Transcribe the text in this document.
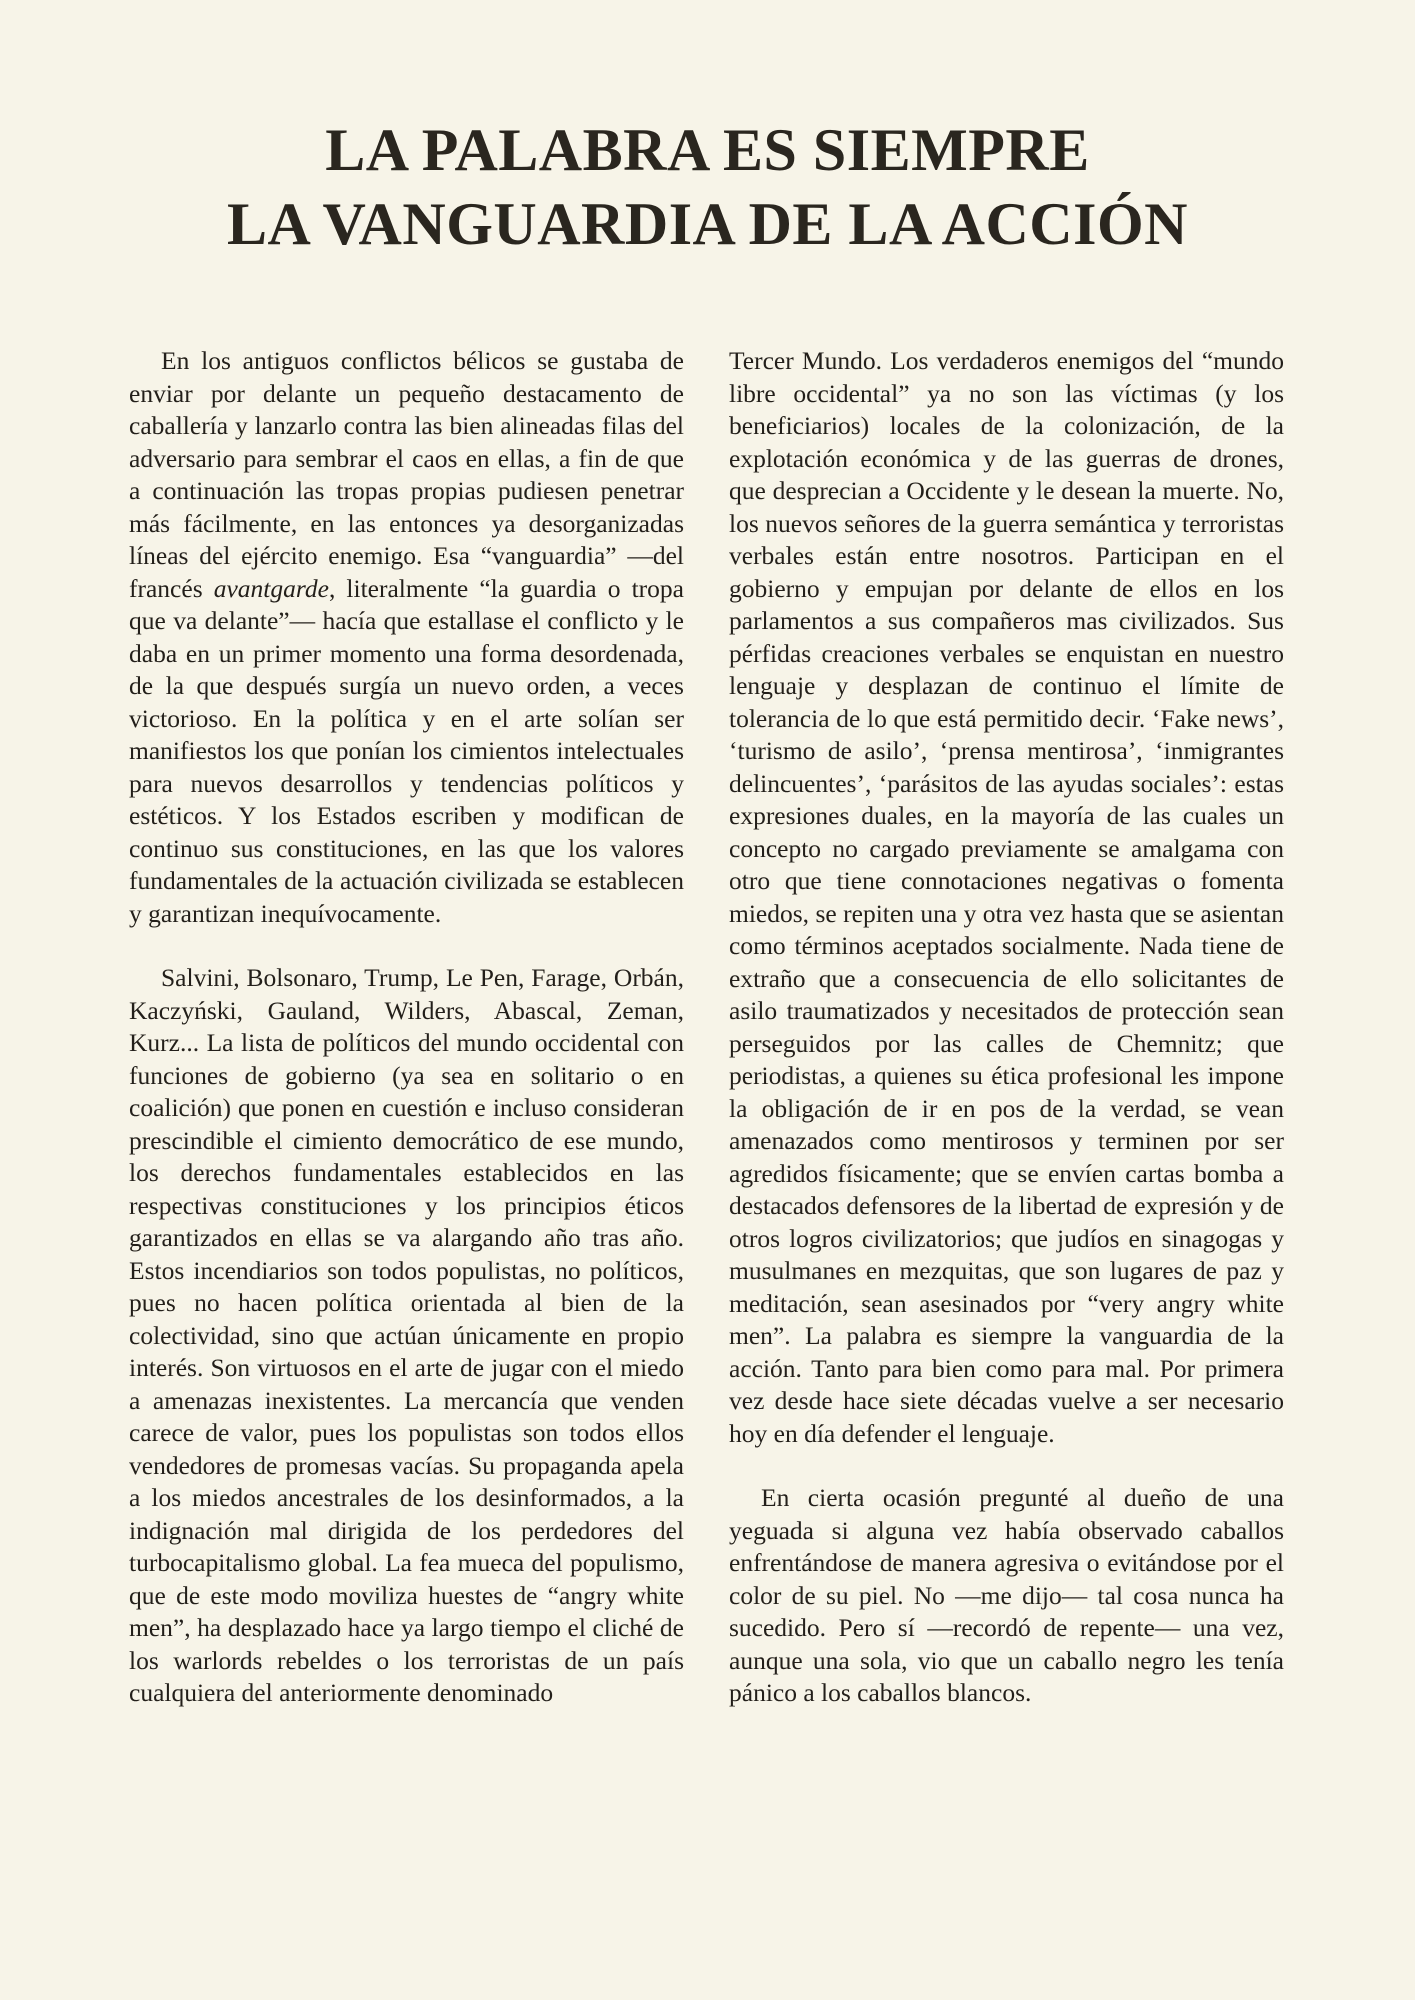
LA PALABRA ES SIEMPRE
LA VANGUARDIA DE LA ACCIÓN

En los antiguos conflictos bélicos se gustaba de enviar por delante un pequeño destacamento de caballería y lanzarlo contra las bien alineadas filas del adversario para sembrar el caos en ellas, a fin de que a continuación las tropas propias pudiesen penetrar más fácilmente, en las entonces ya desorganizadas líneas del ejército enemigo. Esa “vanguardia” —del francés avantgarde, literalmente “la guardia o tropa que va delante”— hacía que estallase el conflicto y le daba en un primer momento una forma desordenada, de la que después surgía un nuevo orden, a veces victorioso. En la política y en el arte solían ser manifiestos los que ponían los cimientos intelectuales para nuevos desarrollos y tendencias políticos y estéticos. Y los Estados escriben y modifican de continuo sus constituciones, en las que los valores fundamentales de la actuación civilizada se establecen y garantizan inequívocamente.

Salvini, Bolsonaro, Trump, Le Pen, Farage, Orbán, Kaczyński, Gauland, Wilders, Abascal, Zeman, Kurz... La lista de políticos del mundo occidental con funciones de gobierno (ya sea en solitario o en coalición) que ponen en cuestión e incluso consideran prescindible el cimiento democrático de ese mundo, los derechos fundamentales establecidos en las respectivas constituciones y los principios éticos garantizados en ellas se va alargando año tras año. Estos incendiarios son todos populistas, no políticos, pues no hacen política orientada al bien de la colectividad, sino que actúan únicamente en propio interés. Son virtuosos en el arte de jugar con el miedo a amenazas inexistentes. La mercancía que venden carece de valor, pues los populistas son todos ellos vendedores de promesas vacías. Su propaganda apela a los miedos ancestrales de los desinformados, a la indignación mal dirigida de los perdedores del turbocapitalismo global. La fea mueca del populismo, que de este modo moviliza huestes de “angry white men”, ha desplazado hace ya largo tiempo el cliché de los warlords rebeldes o los terroristas de un país cualquiera del anteriormente denominado

Tercer Mundo. Los verdaderos enemigos del “mundo libre occidental” ya no son las víctimas (y los beneficiarios) locales de la colonización, de la explotación económica y de las guerras de drones, que desprecian a Occidente y le desean la muerte. No, los nuevos señores de la guerra semántica y terroristas verbales están entre nosotros. Participan en el gobierno y empujan por delante de ellos en los parlamentos a sus compañeros mas civilizados. Sus pérfidas creaciones verbales se enquistan en nuestro lenguaje y desplazan de continuo el límite de tolerancia de lo que está permitido decir. ‘Fake news’, ‘turismo de asilo’, ‘prensa mentirosa’, ‘inmigrantes delincuentes’, ‘parásitos de las ayudas sociales’: estas expresiones duales, en la mayoría de las cuales un concepto no cargado previamente se amalgama con otro que tiene connotaciones negativas o fomenta miedos, se repiten una y otra vez hasta que se asientan como términos aceptados socialmente. Nada tiene de extraño que a consecuencia de ello solicitantes de asilo traumatizados y necesitados de protección sean perseguidos por las calles de Chemnitz; que periodistas, a quienes su ética profesional les impone la obligación de ir en pos de la verdad, se vean amenazados como mentirosos y terminen por ser agredidos físicamente; que se envíen cartas bomba a destacados defensores de la libertad de expresión y de otros logros civilizatorios; que judíos en sinagogas y musulmanes en mezquitas, que son lugares de paz y meditación, sean asesinados por “very angry white men”. La palabra es siempre la vanguardia de la acción. Tanto para bien como para mal. Por primera vez desde hace siete décadas vuelve a ser necesario hoy en día defender el lenguaje.

En cierta ocasión pregunté al dueño de una yeguada si alguna vez había observado caballos enfrentándose de manera agresiva o evitándose por el color de su piel. No —me dijo— tal cosa nunca ha sucedido. Pero sí —recordó de repente— una vez, aunque una sola, vio que un caballo negro les tenía pánico a los caballos blancos.
